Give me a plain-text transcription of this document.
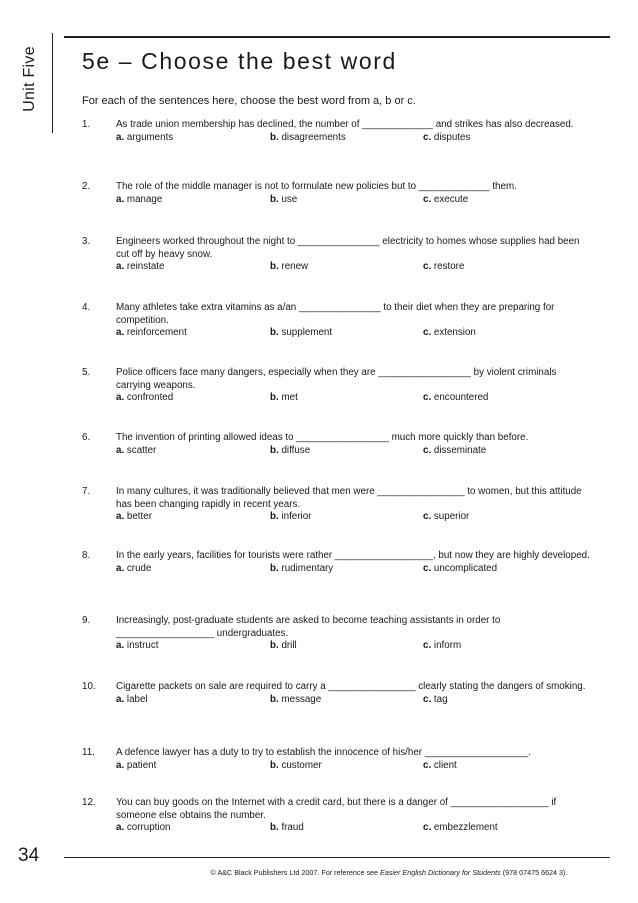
Unit Five 5e – Choose the best word
For each of the sentences here, choose the best word from a, b or c.
1.	As trade union membership has declined, the number of _____________ and strikes has also decreased.
a. arguments	b. disagreements	c. disputes
2.	The role of the middle manager is not to formulate new policies but to _____________ them.
a. manage	b. use	c. execute
3.	Engineers worked throughout the night to _______________ electricity to homes whose supplies had been cut off by heavy snow.
a. reinstate	b. renew	c. restore
4.	Many athletes take extra vitamins as a/an _______________ to their diet when they are preparing for competition.
a. reinforcement	b. supplement	c. extension
5.	Police officers face many dangers, especially when they are _________________ by violent criminals carrying weapons.
a. confronted	b. met	c. encountered
6.	The invention of printing allowed ideas to _________________ much more quickly than before.
a. scatter	b. diffuse	c. disseminate
7.	In many cultures, it was traditionally believed that men were ________________ to women, but this attitude has been changing rapidly in recent years.
a. better	b. inferior	c. superior
8.	In the early years, facilities for tourists were rather __________________, but now they are highly developed.
a. crude	b. rudimentary	c. uncomplicated
9.	Increasingly, post-graduate students are asked to become teaching assistants in order to __________________ undergraduates.
a. instruct	b. drill	c. inform
10. Cigarette packets on sale are required to carry a ________________ clearly stating the dangers of smoking.
a. label	b. message	c. tag
11. A defence lawyer has a duty to try to establish the innocence of his/her ___________________.
a. patient	b. customer	c. client
12. You can buy goods on the Internet with a credit card, but there is a danger of __________________ if someone else obtains the number.
a. corruption	b. fraud	c. embezzlement
34
© A&C Black Publishers Ltd 2007. For reference see Easier English Dictionary for Students (978 07475 6624 3).
